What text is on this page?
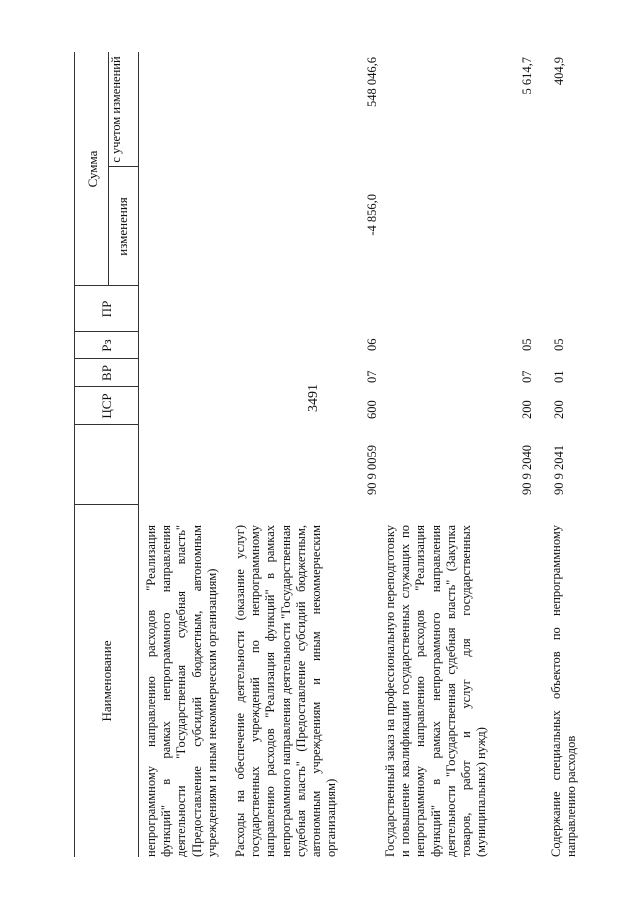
3491
Наименование
ЦСР
ВР
Рз
ПР
Сумма
изменения
с учетом изменений
непрограммному направлению расходов "Реализация функций" в рамках непрограммного направления деятельности "Государственная судебная власть" (Предоставление субсидий бюджетным, автономным учреждениям и иным некоммерческим организациям) Расходы на обеспечение деятельности (оказание услуг) государственных учреждений по непрограммному направлению расходов "Реализация функций" в рамках непрограммного направления деятельности "Государственная судебная власть" (Предоставление субсидий бюджетным, автономным учреждениям и иным некоммерческим организациям)
90 9 0059
600
07
06
-4 856,0
548 046,6
Государственный заказ на профессиональную переподготовку и повышение квалификации государственных служащих по непрограммному направлению расходов "Реализация функций" в рамках непрограммного направления деятельности "Государственная судебная власть" (Закупка товаров, работ и услуг для государственных (муниципальных) нужд)
90 9 2040
200
07
05
5 614,7
Содержание специальных объектов по непрограммному направлению расходов
90 9 2041
200
01
05
404,9
